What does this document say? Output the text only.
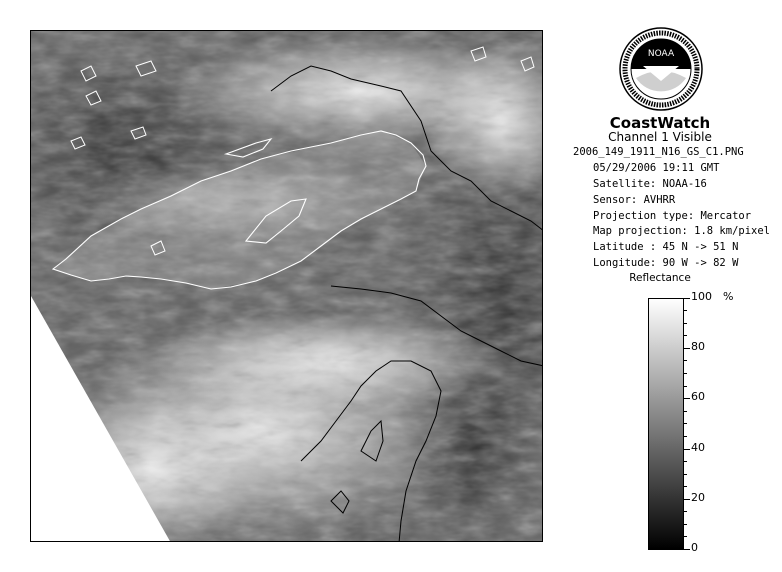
NOAA
CoastWatch
Channel 1 Visible
2006_149_1911_N16_GS_C1.PNG
05/29/2006 19:11 GMT
Satellite: NOAA-16
Sensor: AVHRR
Projection type: Mercator
Map projection: 1.8 km/pixel
Latitude : 45 N -> 51 N
Longitude: 90 W -> 82 W
Reflectance
%
100
80
60
40
20
0
